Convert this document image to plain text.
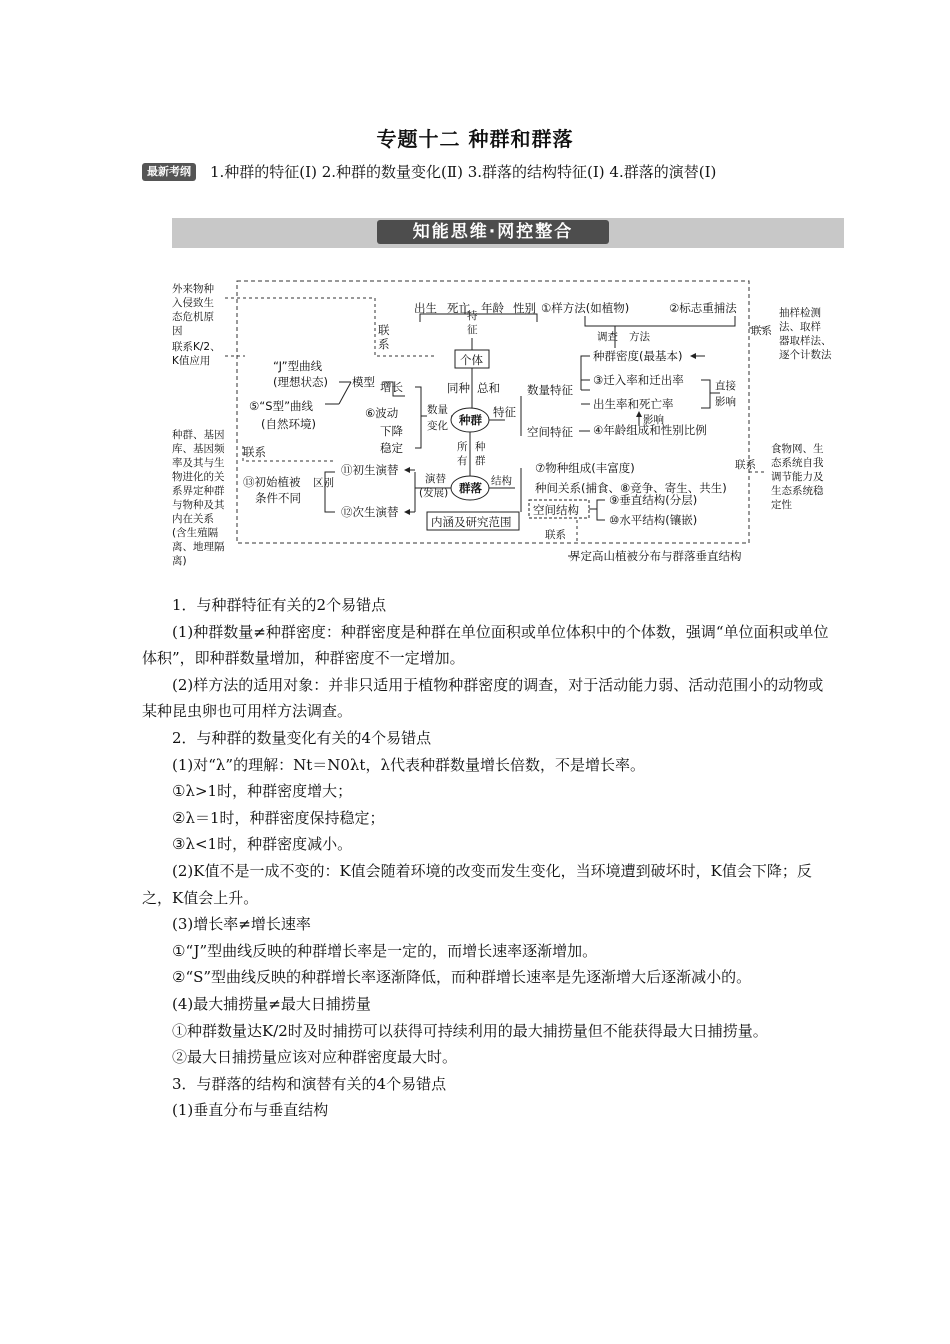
专题十二 种群和群落
最新考纲 1.种群的特征(Ⅰ) 2.种群的数量变化(Ⅱ) 3.群落的结构特征(Ⅰ) 4.群落的演替(Ⅰ)
知能思维·网控整合
外来物种 入侵致生 态危机原 因
联系K/2、 K值应用
种群、基因 库、基因频 率及其与生 物进化的关 系界定种群 与物种及其 内在关系 (含生殖隔 离、地理隔 离)
联系
“J”型曲线 (理想状态)
⑤“S型”曲线 (自然环境)
模型 增长
⑥波动
下降
稳定
数量 变化
联系
种群
群落
个体
同种 总和
特征
出生 死亡 年龄 性别 ①样方法(如植物)	②标志重捕法
调查 方法	联系
抽样检测 法、取样 器取样法、 逐个计数法
特征
数量特征
空间特征
种群密度(最基本)
③迁入率和迁出率
出生率和死亡率
④年龄组成和性别比例
直接
影响
影响
所有
种群
演替 (发展)
⑪初生演替
⑫次生演替
⑬初始植被 条件不同
区别	结构
⑦物种组成(丰富度)
种间关系(捕食、⑧竞争、寄生、共生)
空间结构
⑨垂直结构(分层)
⑩水平结构(镶嵌)
内涵及研究范围
联系
食物网、生 态系统自我 调节能力及 生态系统稳 定性
联系
界定高山植被分布与群落垂直结构

1．与种群特征有关的2个易错点

(1)种群数量≠种群密度：种群密度是种群在单位面积或单位体积中的个体数，强调“单位面积或单位体积”，即种群数量增加，种群密度不一定增加。

(2)样方法的适用对象：并非只适用于植物种群密度的调查，对于活动能力弱、活动范围小的动物或某种昆虫卵也可用样方法调查。

2．与种群的数量变化有关的4个易错点

(1)对“λ”的理解：Nt＝N0λt，λ代表种群数量增长倍数，不是增长率。

①λ>1时，种群密度增大；

②λ＝1时，种群密度保持稳定；

③λ<1时，种群密度减小。

(2)K值不是一成不变的：K值会随着环境的改变而发生变化，当环境遭到破坏时，K值会下降；反之，K值会上升。

(3)增长率≠增长速率

①“J”型曲线反映的种群增长率是一定的，而增长速率逐渐增加。

②“S”型曲线反映的种群增长率逐渐降低，而种群增长速率是先逐渐增大后逐渐减小的。

(4)最大捕捞量≠最大日捕捞量

①种群数量达K/2时及时捕捞可以获得可持续利用的最大捕捞量但不能获得最大日捕捞量。

②最大日捕捞量应该对应种群密度最大时。

3．与群落的结构和演替有关的4个易错点

(1)垂直分布与垂直结构
